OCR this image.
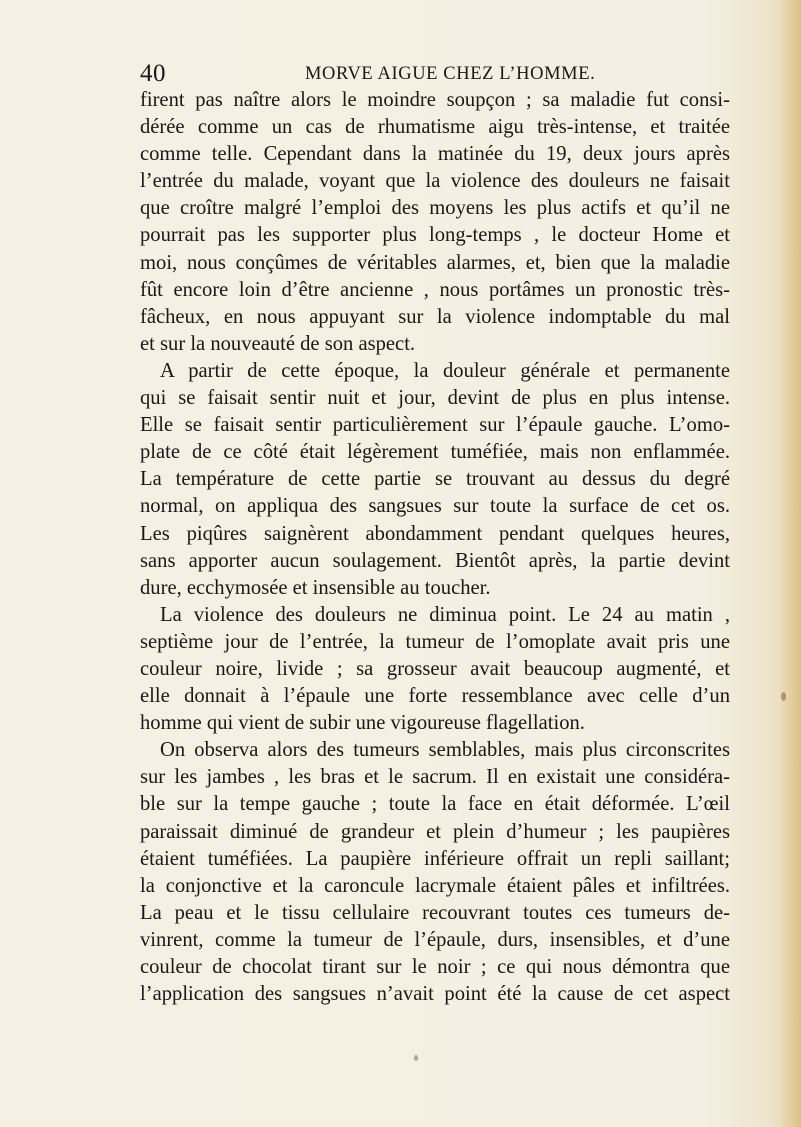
40	MORVE AIGUE CHEZ L’HOMME.
firent pas naître alors le moindre soupçon ; sa maladie fut consi-
dérée comme un cas de rhumatisme aigu très-intense, et traitée
comme telle. Cependant dans la matinée du 19, deux jours après
l’entrée du malade, voyant que la violence des douleurs ne faisait
que croître malgré l’emploi des moyens les plus actifs et qu’il ne
pourrait pas les supporter plus long-temps , le docteur Home et
moi, nous conçûmes de véritables alarmes, et, bien que la maladie
fût encore loin d’être ancienne , nous portâmes un pronostic très-
fâcheux, en nous appuyant sur la violence indomptable du mal
et sur la nouveauté de son aspect.
A partir de cette époque, la douleur générale et permanente
qui se faisait sentir nuit et jour, devint de plus en plus intense.
Elle se faisait sentir particulièrement sur l’épaule gauche. L’omo-
plate de ce côté était légèrement tuméfiée, mais non enflammée.
La température de cette partie se trouvant au dessus du degré
normal, on appliqua des sangsues sur toute la surface de cet os.
Les piqûres saignèrent abondamment pendant quelques heures,
sans apporter aucun soulagement. Bientôt après, la partie devint
dure, ecchymosée et insensible au toucher.
La violence des douleurs ne diminua point. Le 24 au matin ,
septième jour de l’entrée, la tumeur de l’omoplate avait pris une
couleur noire, livide ; sa grosseur avait beaucoup augmenté, et
elle donnait à l’épaule une forte ressemblance avec celle d’un
homme qui vient de subir une vigoureuse flagellation.
On observa alors des tumeurs semblables, mais plus circonscrites
sur les jambes , les bras et le sacrum. Il en existait une considéra-
ble sur la tempe gauche ; toute la face en était déformée. L’œil
paraissait diminué de grandeur et plein d’humeur ; les paupières
étaient tuméfiées. La paupière inférieure offrait un repli saillant;
la conjonctive et la caroncule lacrymale étaient pâles et infiltrées.
La peau et le tissu cellulaire recouvrant toutes ces tumeurs de-
vinrent, comme la tumeur de l’épaule, durs, insensibles, et d’une
couleur de chocolat tirant sur le noir ; ce qui nous démontra que
l’application des sangsues n’avait point été la cause de cet aspect
